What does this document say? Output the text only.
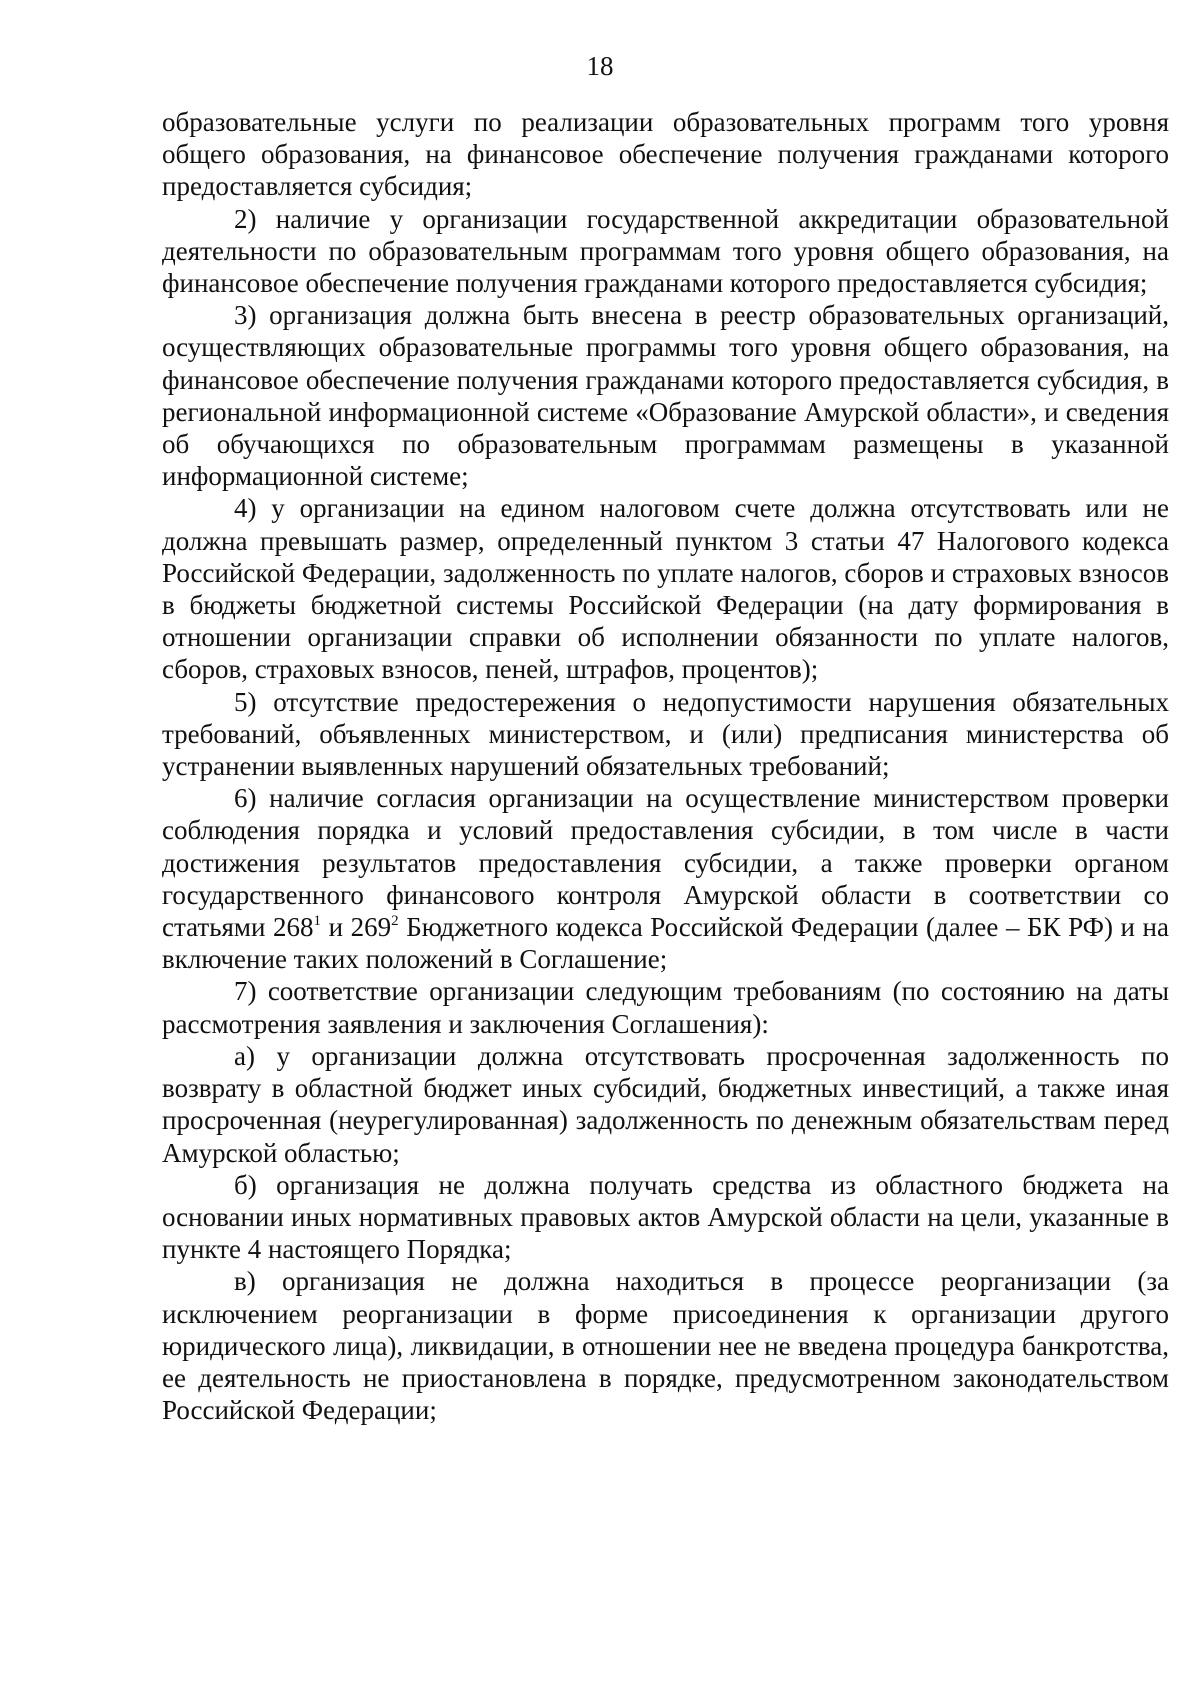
18

образовательные услуги по реализации образовательных программ того уровня общего образования, на финансовое обеспечение получения гражданами которого предоставляется субсидия;

2) наличие у организации государственной аккредитации образовательной деятельности по образовательным программам того уровня общего образования, на финансовое обеспечение получения гражданами которого предоставляется субсидия;

3) организация должна быть внесена в реестр образовательных организаций, осуществляющих образовательные программы того уровня общего образования, на финансовое обеспечение получения гражданами которого предоставляется субсидия, в региональной информационной системе «Образование Амурской области», и сведения об обучающихся по образовательным программам размещены в указанной информационной системе;

4) у организации на едином налоговом счете должна отсутствовать или не должна превышать размер, определенный пунктом 3 статьи 47 Налогового кодекса Российской Федерации, задолженность по уплате налогов, сборов и страховых взносов в бюджеты бюджетной системы Российской Федерации (на дату формирования в отношении организации справки об исполнении обязанности по уплате налогов, сборов, страховых взносов, пеней, штрафов, процентов);

5) отсутствие предостережения о недопустимости нарушения обязательных требований, объявленных министерством, и (или) предписания министерства об устранении выявленных нарушений обязательных требований;

6) наличие согласия организации на осуществление министерством проверки соблюдения порядка и условий предоставления субсидии, в том числе в части достижения результатов предоставления субсидии, а также проверки органом государственного финансового контроля Амурской области в соответствии со статьями $268^1$ и $269^2$ Бюджетного кодекса Российской Федерации (далее – БК РФ) и на включение таких положений в Соглашение;

7) соответствие организации следующим требованиям (по состоянию на даты рассмотрения заявления и заключения Соглашения):

а) у организации должна отсутствовать просроченная задолженность по возврату в областной бюджет иных субсидий, бюджетных инвестиций, а также иная просроченная (неурегулированная) задолженность по денежным обязательствам перед Амурской областью;

б) организация не должна получать средства из областного бюджета на основании иных нормативных правовых актов Амурской области на цели, указанные в пункте 4 настоящего Порядка;

в) организация не должна находиться в процессе реорганизации (за исключением реорганизации в форме присоединения к организации другого юридического лица), ликвидации, в отношении нее не введена процедура банкротства, ее деятельность не приостановлена в порядке, предусмотренном законодательством Российской Федерации;
